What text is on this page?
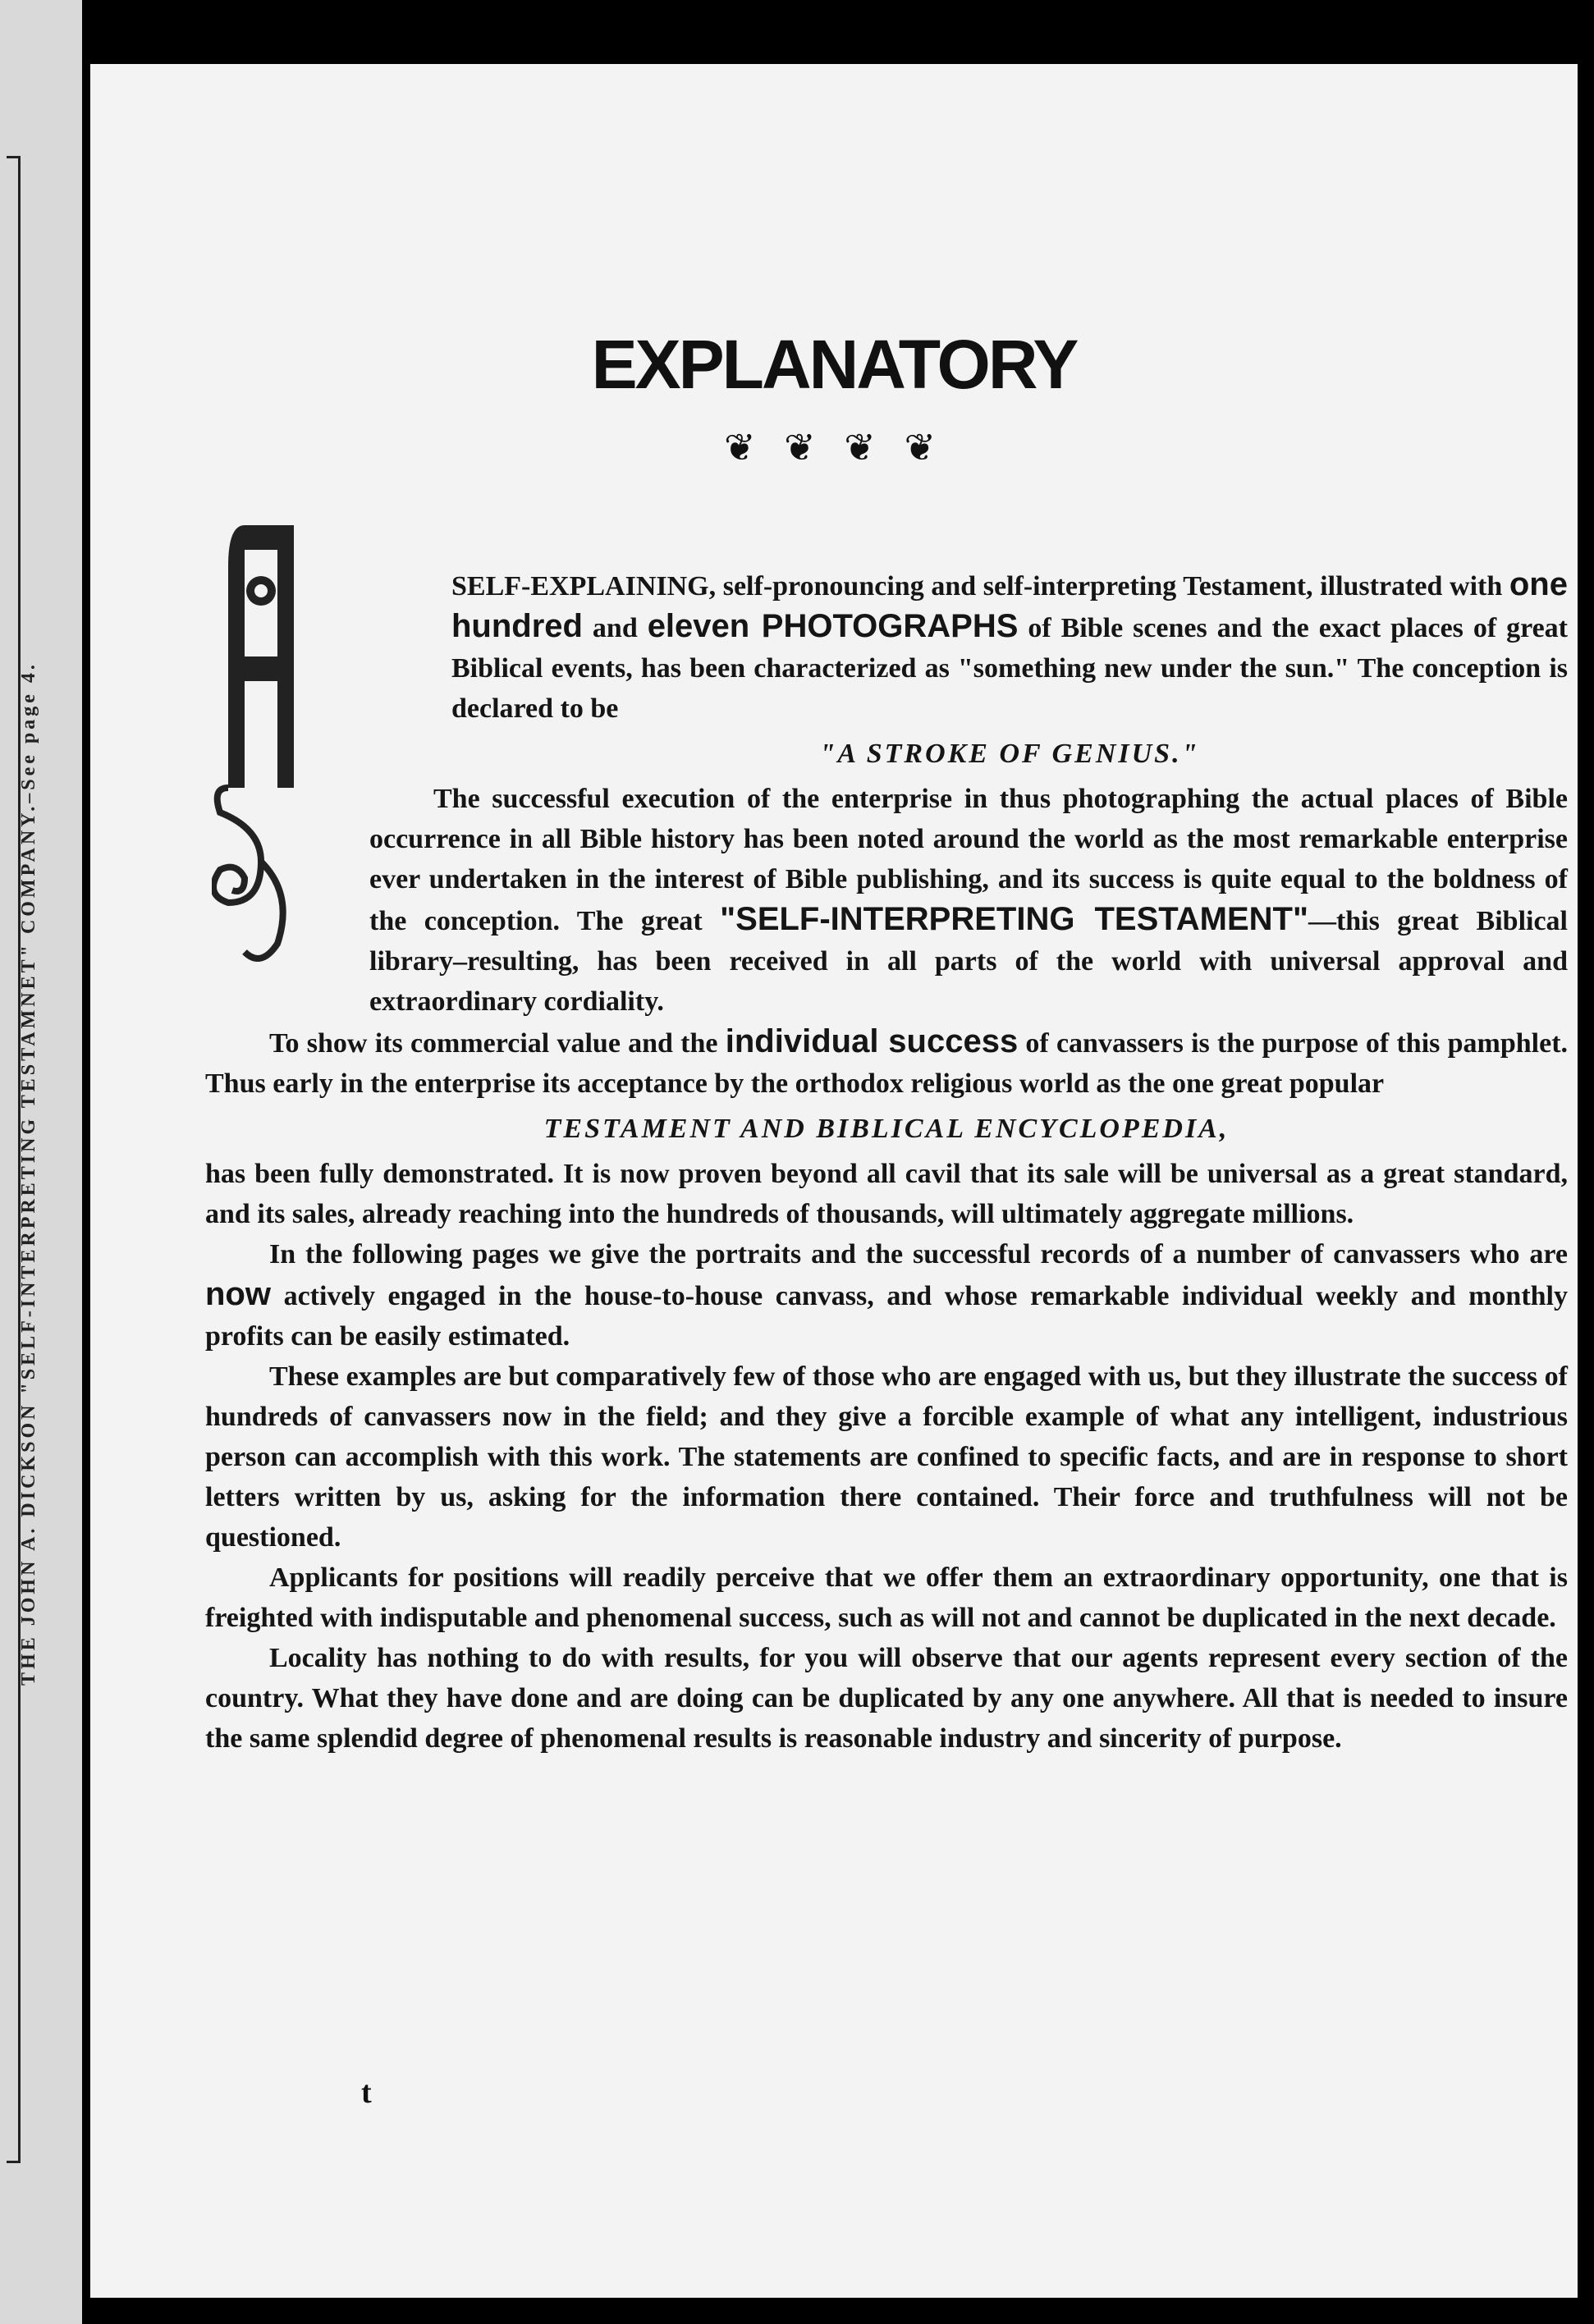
THE JOHN A. DICKSON "SELF-INTERPRETING TESTAMNET" COMPANY.–See page 4.
EXPLANATORY
❦ ❦ ❦ ❦

SELF-EXPLAINING, self-pronouncing and self-interpreting Testament, illustrated with one hundred and eleven PHOTOGRAPHS of Bible scenes and the exact places of great Biblical events, has been characterized as "something new under the sun." The conception is declared to be

"A STROKE OF GENIUS."

The successful execution of the enterprise in thus photographing the actual places of Bible occurrence in all Bible history has been noted around the world as the most remarkable enterprise ever undertaken in the interest of Bible publishing, and its success is quite equal to the boldness of the conception. The great "SELF-INTERPRETING TESTAMENT"—this great Biblical library–resulting, has been received in all parts of the world with universal approval and extraordinary cordiality.

To show its commercial value and the individual success of canvassers is the purpose of this pamphlet. Thus early in the enterprise its acceptance by the orthodox religious world as the one great popular

TESTAMENT AND BIBLICAL ENCYCLOPEDIA,

has been fully demonstrated. It is now proven beyond all cavil that its sale will be universal as a great standard, and its sales, already reaching into the hundreds of thousands, will ultimately aggregate millions.

In the following pages we give the portraits and the successful records of a number of canvassers who are now actively engaged in the house-to-house canvass, and whose remarkable individual weekly and monthly profits can be easily estimated.

These examples are but comparatively few of those who are engaged with us, but they illustrate the success of hundreds of canvassers now in the field; and they give a forcible example of what any intelligent, industrious person can accomplish with this work. The statements are confined to specific facts, and are in response to short letters written by us, asking for the information there contained. Their force and truthfulness will not be questioned.

Applicants for positions will readily perceive that we offer them an extraordinary opportunity, one that is freighted with indisputable and phenomenal success, such as will not and cannot be duplicated in the next decade.

Locality has nothing to do with results, for you will observe that our agents represent every section of the country. What they have done and are doing can be duplicated by any one anywhere. All that is needed to insure the same splendid degree of phenomenal results is reasonable industry and sincerity of purpose.

t
